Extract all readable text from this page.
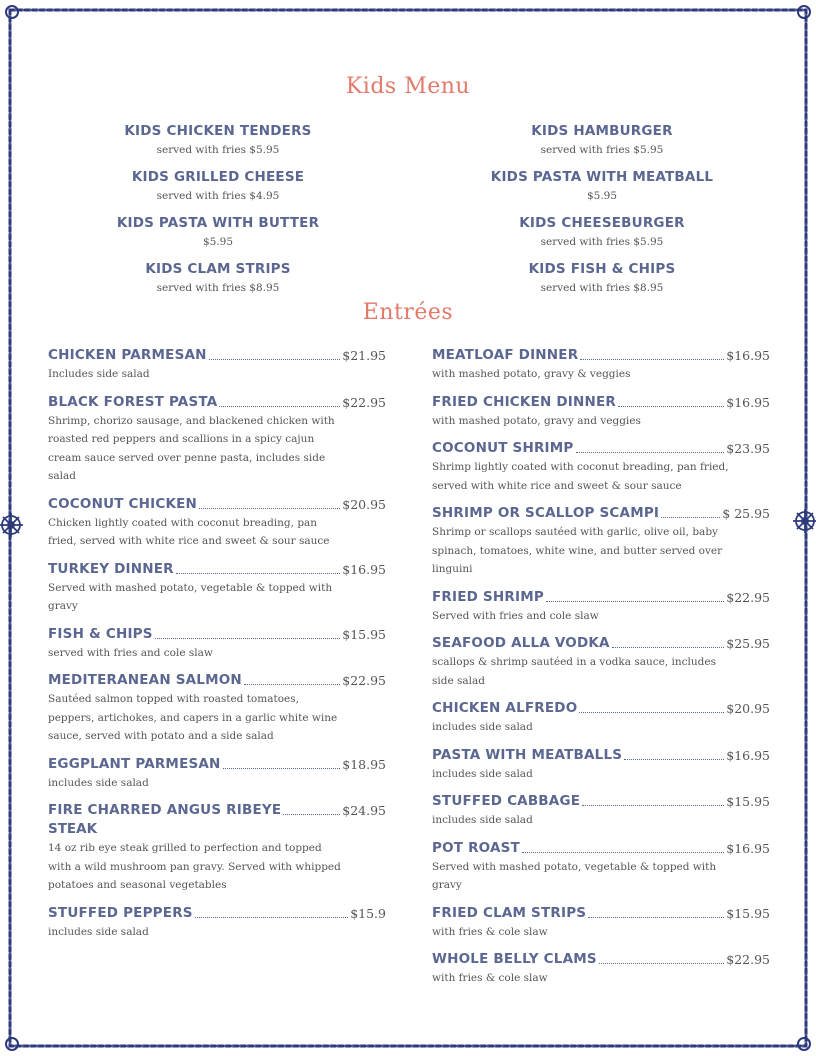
Kids Menu
KIDS CHICKEN TENDERS
served with fries $5.95
KIDS GRILLED CHEESE
served with fries $4.95
KIDS PASTA WITH BUTTER
$5.95
KIDS CLAM STRIPS
served with fries $8.95
KIDS HAMBURGER
served with fries $5.95
KIDS PASTA WITH MEATBALL
$5.95
KIDS CHEESEBURGER
served with fries $5.95
KIDS FISH & CHIPS
served with fries $8.95
Entrées
CHICKEN PARMESAN	$21.95
Includes side salad
BLACK FOREST PASTA	$22.95
Shrimp, chorizo sausage, and blackened chicken with roasted red peppers and scallions in a spicy cajun cream sauce served over penne pasta, includes side salad
COCONUT CHICKEN	$20.95
Chicken lightly coated with coconut breading, pan fried, served with white rice and sweet & sour sauce
TURKEY DINNER	$16.95
Served with mashed potato, vegetable & topped with gravy
FISH & CHIPS	$15.95
served with fries and cole slaw
MEDITERANEAN SALMON	$22.95
Sautéed salmon topped with roasted tomatoes, peppers, artichokes, and capers in a garlic white wine sauce, served with potato and a side salad
EGGPLANT PARMESAN	$18.95
includes side salad
FIRE CHARRED ANGUS RIBEYE	$24.95
STEAK
14 oz rib eye steak grilled to perfection and topped with a wild mushroom pan gravy. Served with whipped potatoes and seasonal vegetables
STUFFED PEPPERS	$15.9
includes side salad
MEATLOAF DINNER	$16.95
with mashed potato, gravy & veggies
FRIED CHICKEN DINNER	$16.95
with mashed potato, gravy and veggies
COCONUT SHRIMP	$23.95
Shrimp lightly coated with coconut breading, pan fried, served with white rice and sweet & sour sauce
SHRIMP OR SCALLOP SCAMPI	$ 25.95
Shrimp or scallops sautéed with garlic, olive oil, baby spinach, tomatoes, white wine, and butter served over linguini
FRIED SHRIMP	$22.95
Served with fries and cole slaw
SEAFOOD ALLA VODKA	$25.95
scallops & shrimp sautéed in a vodka sauce, includes side salad
CHICKEN ALFREDO	$20.95
includes side salad
PASTA WITH MEATBALLS	$16.95
includes side salad
STUFFED CABBAGE	$15.95
includes side salad
POT ROAST	$16.95
Served with mashed potato, vegetable & topped with gravy
FRIED CLAM STRIPS	$15.95
with fries & cole slaw
WHOLE BELLY CLAMS	$22.95
with fries & cole slaw
